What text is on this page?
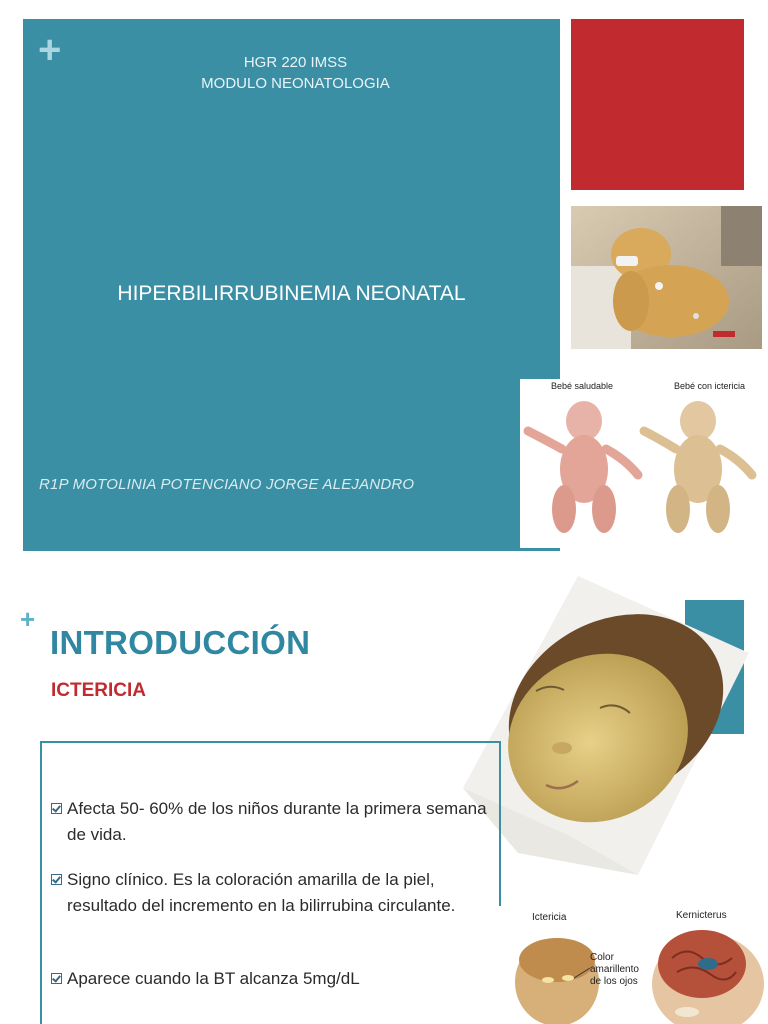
+	HGR 220 IMSS
MODULO NEONATOLOGIA
HIPERBILIRRUBINEMIA NEONATAL
R1P MOTOLINIA POTENCIANO JORGE ALEJANDRO
Bebé saludable	Bebé con ictericia
+
INTRODUCCIÓN
ICTERICIA
Afecta 50- 60% de los niños durante la primera semana de vida.
Signo clínico. Es la coloración amarilla de la piel, resultado del incremento en la bilirrubina circulante.
Aparece cuando la BT alcanza 5mg/dL
Ictericia	Kernicterus
Color
amarillento
de los ojos
